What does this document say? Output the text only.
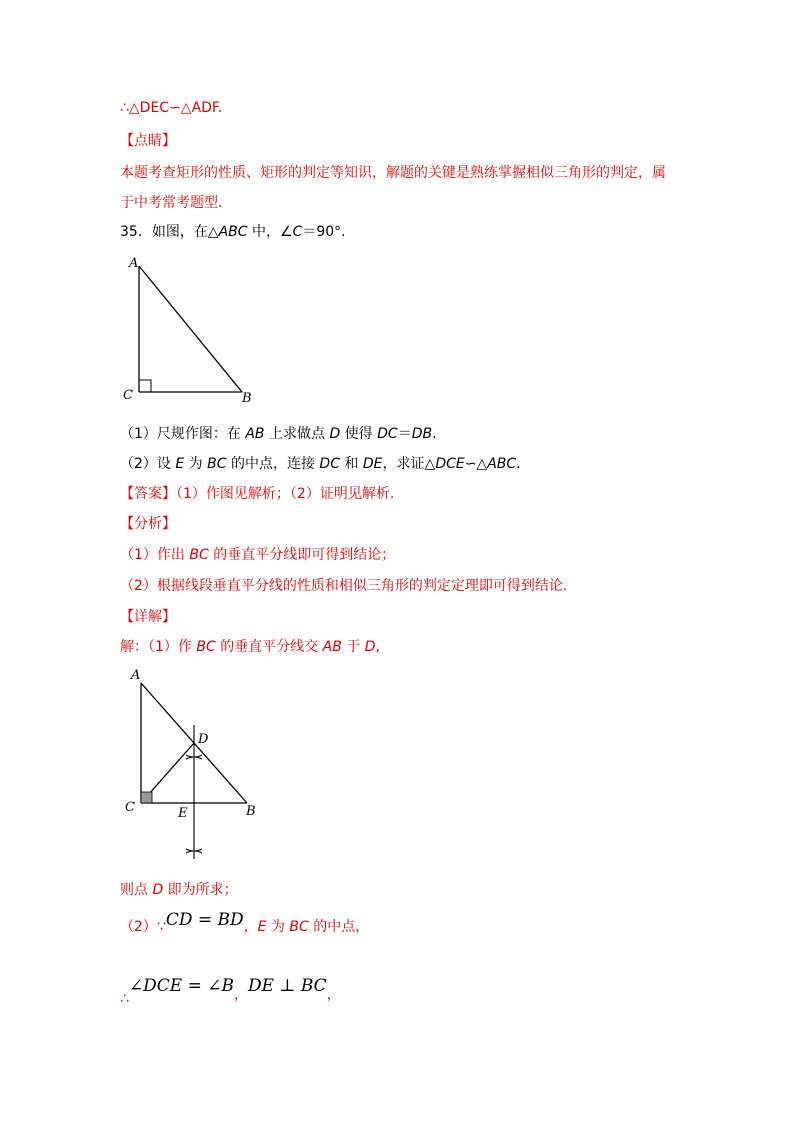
∴△DEC∽△ADF.
【点睛】
本题考查矩形的性质、矩形的判定等知识，解题的关键是熟练掌握相似三角形的判定，属
于中考常考题型.
35．如图，在△ABC 中，∠C＝90°.
A
C	B
（1）尺规作图：在 AB 上求做点 D 使得 DC＝DB.
（2）设 E 为 BC 的中点，连接 DC 和 DE，求证△DCE∽△ABC.
【答案】（1）作图见解析；（2）证明见解析.
【分析】
（1）作出 BC 的垂直平分线即可得到结论；
（2）根据线段垂直平分线的性质和相似三角形的判定定理即可得到结论.
【详解】
解：（1）作 BC 的垂直平分线交 AB 于 D,
A
C	B
D
E
则点 D 即为所求；
（2）∵CD = BD，E 为 BC 的中点，
∴∠DCE = ∠B，DE ⊥ BC，
